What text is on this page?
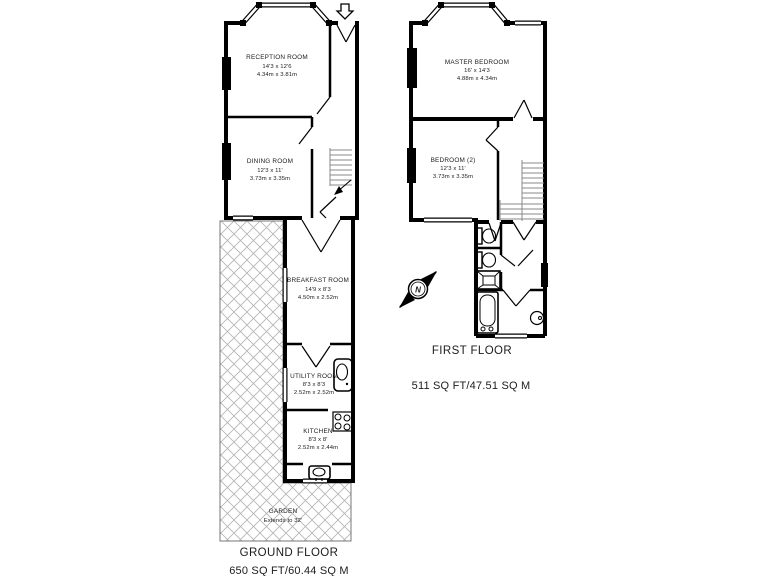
RECEPTION ROOM
14'3 x 12'6
4.34m x 3.81m
DINING ROOM
12'3 x 11'
3.73m x 3.35m
BREAKFAST ROOM
14'9 x 8'3
4.50m x 2.52m
UTILITY ROOM
8'3 x 8'3
2.52m x 2.52m
KITCHEN
8'3 x 8'
2.52m x 2.44m
GARDEN
Extends to 32'
GROUND FLOOR
650 SQ FT/60.44 SQ M
MASTER BEDROOM
16' x 14'3
4.88m x 4.34m
BEDROOM (2)
12'3 x 11'
3.73m x 3.35m
FIRST FLOOR
511 SQ FT/47.51 SQ M
N
